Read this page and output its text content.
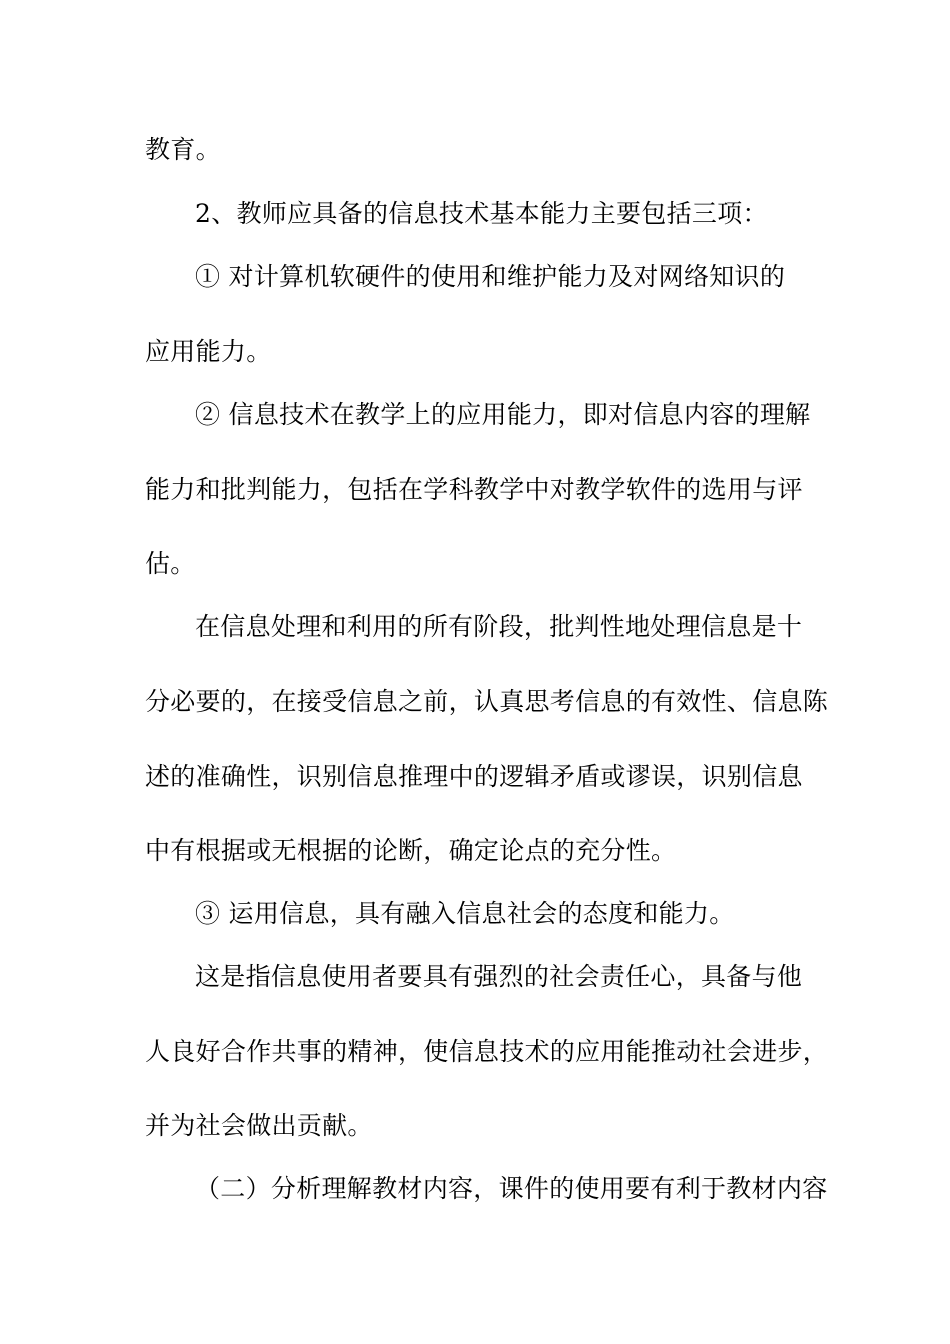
教育。
2、教师应具备的信息技术基本能力主要包括三项：
① 对计算机软硬件的使用和维护能力及对网络知识的
应用能力。
② 信息技术在教学上的应用能力，即对信息内容的理解
能力和批判能力，包括在学科教学中对教学软件的选用与评
估。
在信息处理和利用的所有阶段，批判性地处理信息是十
分必要的，在接受信息之前，认真思考信息的有效性、信息陈
述的准确性，识别信息推理中的逻辑矛盾或谬误，识别信息
中有根据或无根据的论断，确定论点的充分性。
③ 运用信息，具有融入信息社会的态度和能力。
这是指信息使用者要具有强烈的社会责任心，具备与他
人良好合作共事的精神，使信息技术的应用能推动社会进步，
并为社会做出贡献。
（二）分析理解教材内容，课件的使用要有利于教材内容
